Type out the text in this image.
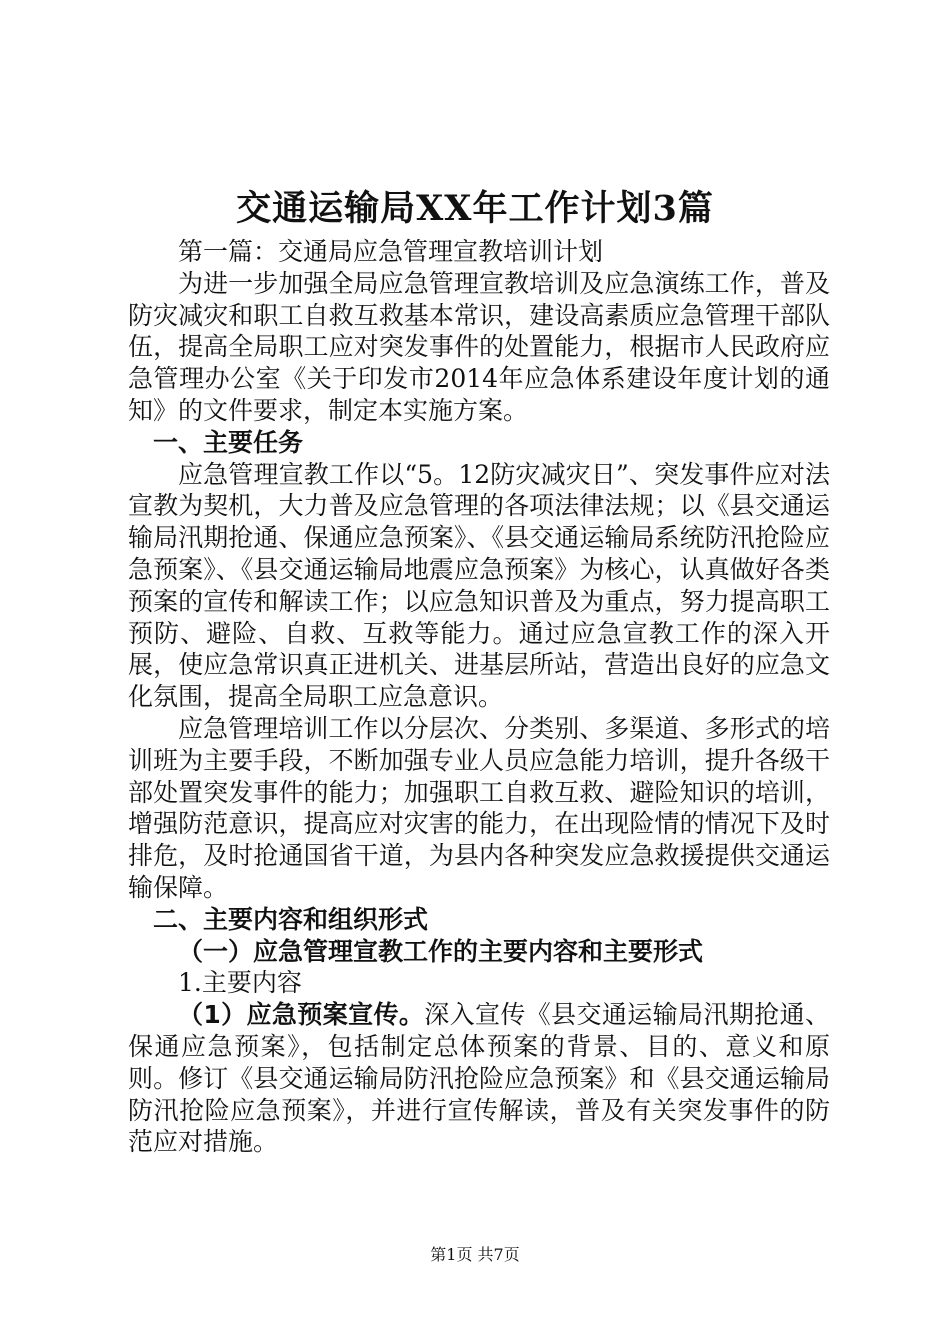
交通运输局XX年工作计划3篇

第一篇：交通局应急管理宣教培训计划

为进一步加强全局应急管理宣教培训及应急演练工作，普及防灾减灾和职工自救互救基本常识，建设高素质应急管理干部队伍，提高全局职工应对突发事件的处置能力，根据市人民政府应急管理办公室《关于印发市2014年应急体系建设年度计划的通知》的文件要求，制定本实施方案。

一、主要任务

应急管理宣教工作以“5。12防灾减灾日”、突发事件应对法宣教为契机，大力普及应急管理的各项法律法规；以《县交通运输局汛期抢通、保通应急预案》、《县交通运输局系统防汛抢险应急预案》、《县交通运输局地震应急预案》为核心，认真做好各类预案的宣传和解读工作；以应急知识普及为重点，努力提高职工预防、避险、自救、互救等能力。通过应急宣教工作的深入开展，使应急常识真正进机关、进基层所站，营造出良好的应急文化氛围，提高全局职工应急意识。

应急管理培训工作以分层次、分类别、多渠道、多形式的培训班为主要手段，不断加强专业人员应急能力培训，提升各级干部处置突发事件的能力；加强职工自救互救、避险知识的培训，增强防范意识，提高应对灾害的能力，在出现险情的情况下及时排危，及时抢通国省干道，为县内各种突发应急救援提供交通运输保障。

二、主要内容和组织形式

（一）应急管理宣教工作的主要内容和主要形式

1.主要内容

（1）应急预案宣传。深入宣传《县交通运输局汛期抢通、保通应急预案》，包括制定总体预案的背景、目的、意义和原则。修订《县交通运输局防汛抢险应急预案》和《县交通运输局防汛抢险应急预案》，并进行宣传解读，普及有关突发事件的防范应对措施。

第1页 共7页
